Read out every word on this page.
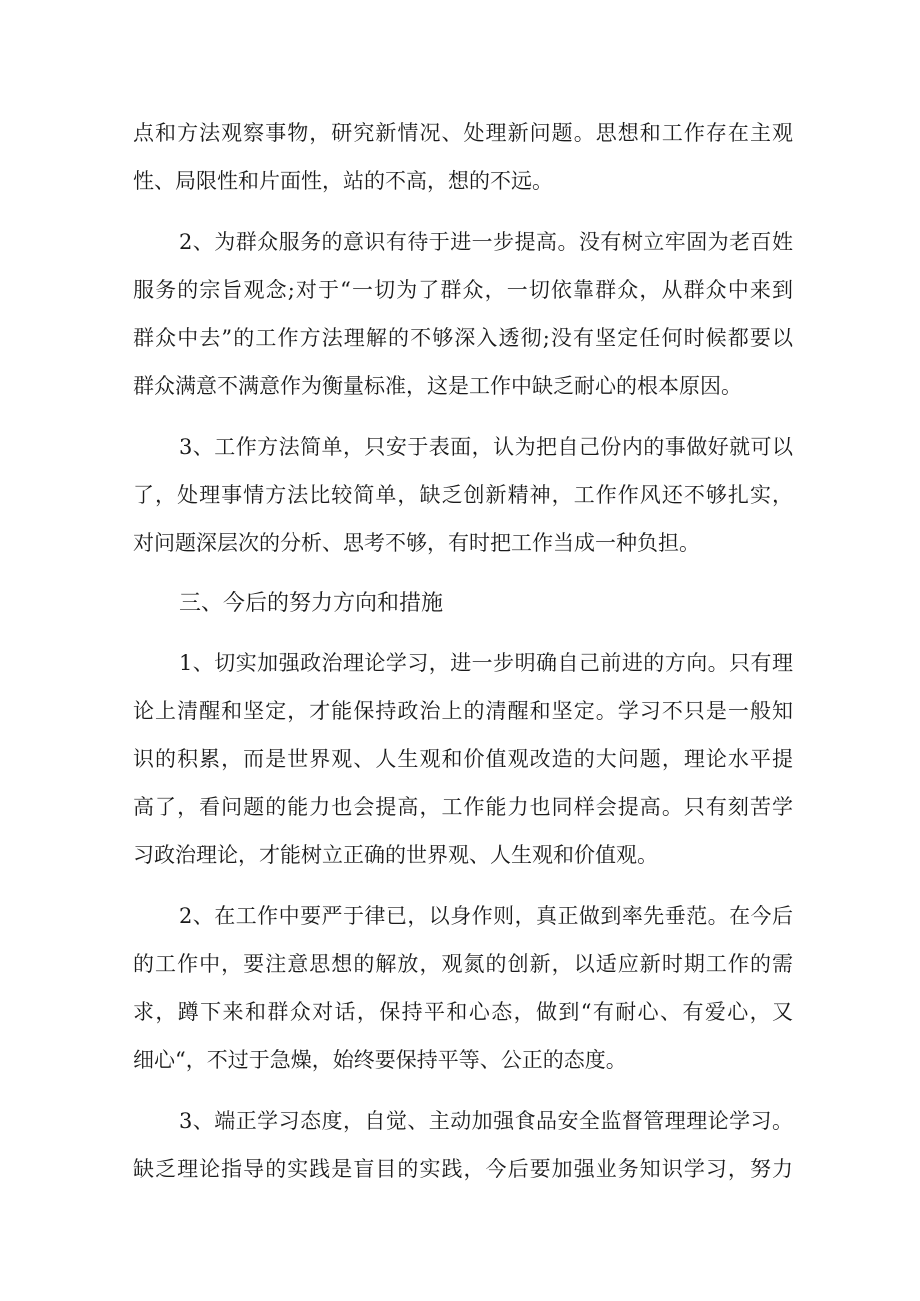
点和方法观察事物，研究新情况、处理新问题。思想和工作存在主观
性、局限性和片面性，站的不高，想的不远。
2、为群众服务的意识有待于进一步提高。没有树立牢固为老百姓
服务的宗旨观念;对于“一切为了群众，一切依靠群众，从群众中来到
群众中去”的工作方法理解的不够深入透彻;没有坚定任何时候都要以
群众满意不满意作为衡量标准，这是工作中缺乏耐心的根本原因。
3、工作方法简单，只安于表面，认为把自己份内的事做好就可以
了，处理事情方法比较简单，缺乏创新精神，工作作风还不够扎实，
对问题深层次的分析、思考不够，有时把工作当成一种负担。
三、今后的努力方向和措施
1、切实加强政治理论学习，进一步明确自己前进的方向。只有理
论上清醒和坚定，才能保持政治上的清醒和坚定。学习不只是一般知
识的积累，而是世界观、人生观和价值观改造的大问题，理论水平提
高了，看问题的能力也会提高，工作能力也同样会提高。只有刻苦学
习政治理论，才能树立正确的世界观、人生观和价值观。
2、在工作中要严于律已，以身作则，真正做到率先垂范。在今后
的工作中，要注意思想的解放，观氮的创新，以适应新时期工作的需
求，蹲下来和群众对话，保持平和心态，做到“有耐心、有爱心，又
细心“，不过于急燥，始终要保持平等、公正的态度。
3、端正学习态度，自觉、主动加强食品安全监督管理理论学习。
缺乏理论指导的实践是盲目的实践，今后要加强业务知识学习，努力
